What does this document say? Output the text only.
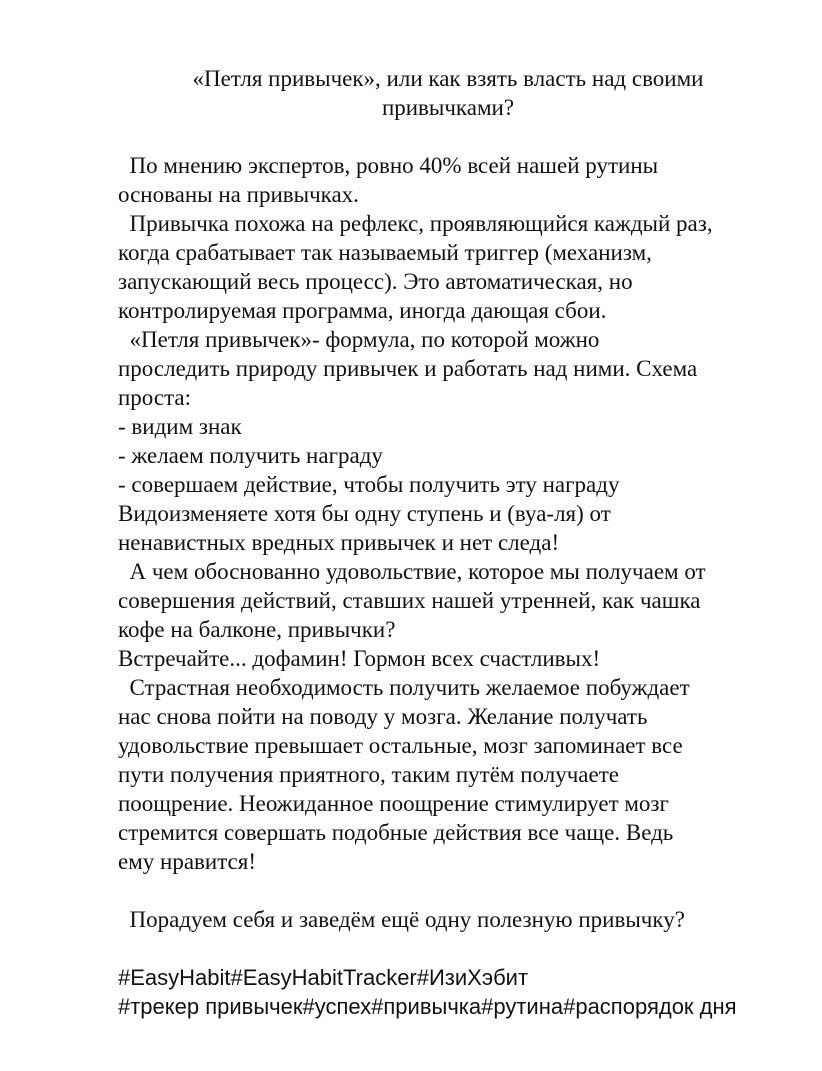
«Петля привычек», или как взять власть над своими
привычками?
По мнению экспертов, ровно 40% всей нашей рутины
основаны на привычках.
Привычка похожа на рефлекс, проявляющийся каждый раз,
когда срабатывает так называемый триггер (механизм,
запускающий весь процесс). Это автоматическая, но
контролируемая программа, иногда дающая сбои.
«Петля привычек»- формула, по которой можно
проследить природу привычек и работать над ними. Схема
проста:
- видим знак
- желаем получить награду
- совершаем действие, чтобы получить эту награду
Видоизменяете хотя бы одну ступень и (вуа-ля) от
ненавистных вредных привычек и нет следа!
А чем обоснованно удовольствие, которое мы получаем от
совершения действий, ставших нашей утренней, как чашка
кофе на балконе, привычки?
Встречайте... дофамин! Гормон всех счастливых!
Страстная необходимость получить желаемое побуждает
нас снова пойти на поводу у мозга. Желание получать
удовольствие превышает остальные, мозг запоминает все
пути получения приятного, таким путём получаете
поощрение. Неожиданное поощрение стимулирует мозг
стремится совершать подобные действия все чаще. Ведь
ему нравится!
Порадуем себя и заведём ещё одну полезную привычку?
#EasyHabit#EasyHabitTracker#ИзиХэбит
#трекер привычек#успех#привычка#рутина#распорядок дня
